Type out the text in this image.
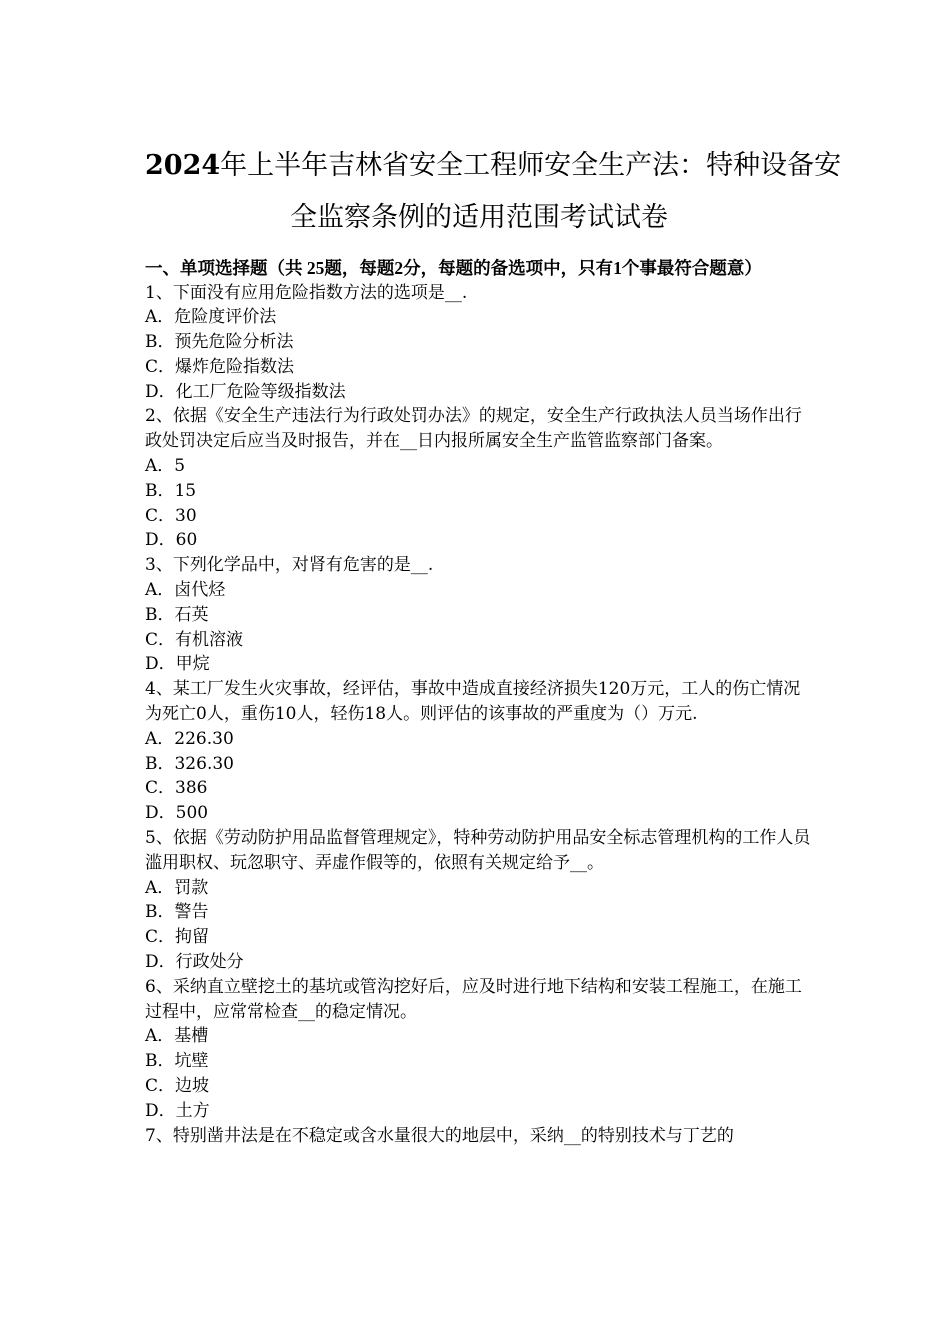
2024年上半年吉林省安全工程师安全生产法：特种设备安

全监察条例的适用范围考试试卷

一、单项选择题（共 25题，每题2分，每题的备选项中，只有1个事最符合题意）

1、下面没有应用危险指数方法的选项是__.

A．危险度评价法
B．预先危险分析法
C．爆炸危险指数法
D．化工厂危险等级指数法

2、依据《安全生产违法行为行政处罚办法》的规定，安全生产行政执法人员当场作出行政处罚决定后应当及时报告，并在__日内报所属安全生产监管监察部门备案。

A．5
B．15
C．30
D．60

3、下列化学品中，对肾有危害的是__.

A．卤代烃
B．石英
C．有机溶液
D．甲烷

4、某工厂发生火灾事故，经评估，事故中造成直接经济损失120万元，工人的伤亡情况为死亡0人，重伤10人，轻伤18人。则评估的该事故的严重度为（）万元.

A．226.30
B．326.30
C．386
D．500

5、依据《劳动防护用品监督管理规定》，特种劳动防护用品安全标志管理机构的工作人员滥用职权、玩忽职守、弄虚作假等的，依照有关规定给予__。

A．罚款
B．警告
C．拘留
D．行政处分

6、采纳直立壁挖土的基坑或管沟挖好后，应及时进行地下结构和安装工程施工，在施工过程中，应常常检查__的稳定情况。

A．基槽
B．坑壁
C．边坡
D．土方

7、特别凿井法是在不稳定或含水量很大的地层中，采纳__的特别技术与丁艺的
